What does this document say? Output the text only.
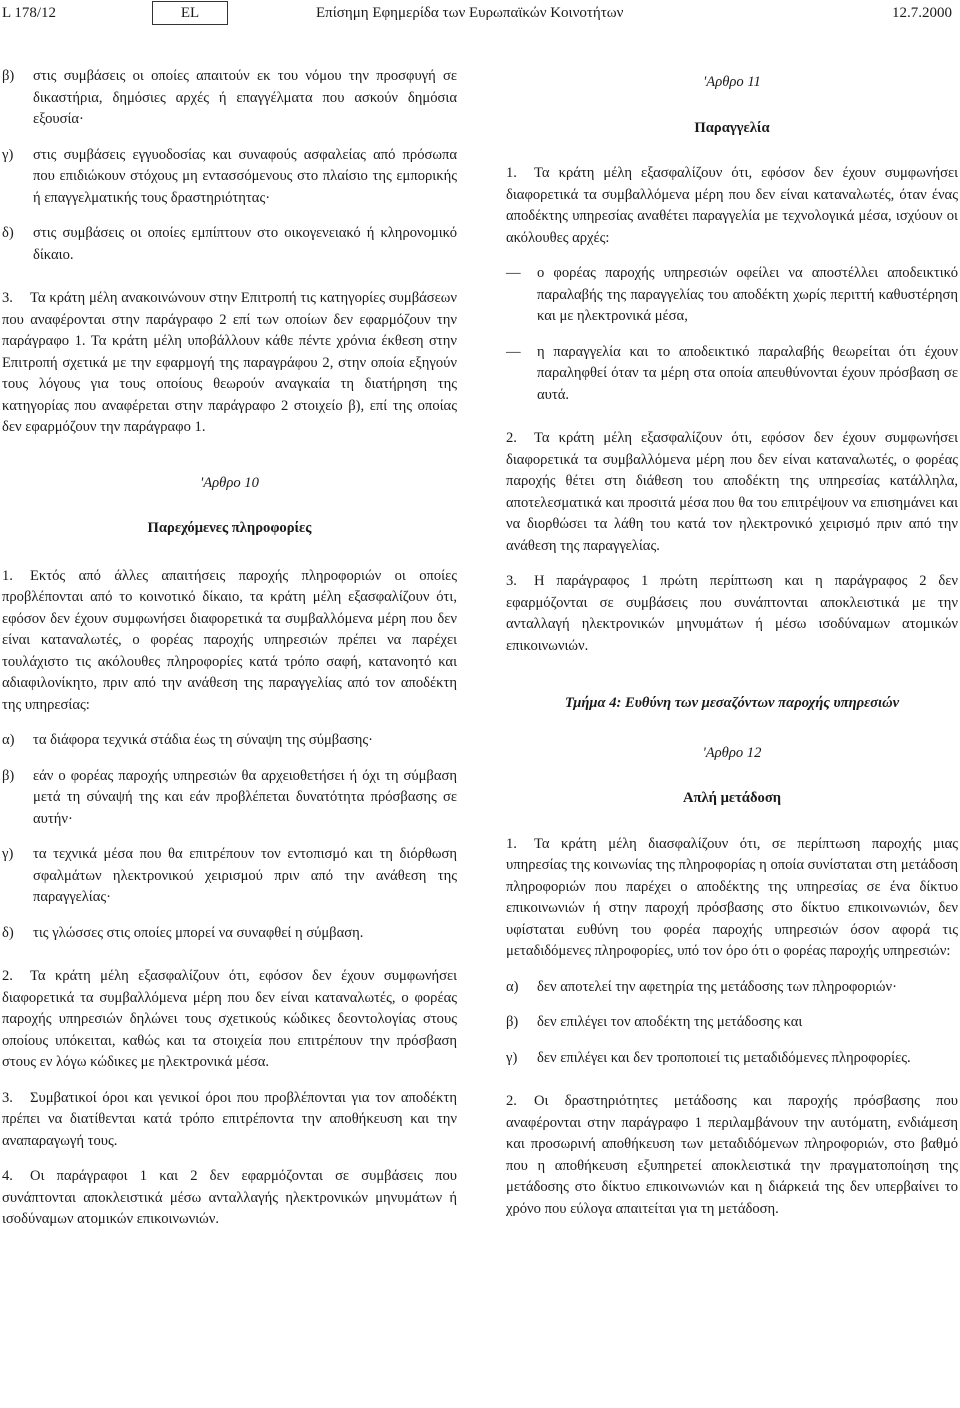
L 178/12	EL	Επίσημη Εφημερίδα των Ευρωπαϊκών Κοινοτήτων	12.7.2000
β) στις συμβάσεις οι οποίες απαιτούν εκ του νόμου την προσφυγή σε δικαστήρια, δημόσιες αρχές ή επαγγέλματα που ασκούν δημόσια εξουσία·
γ) στις συμβάσεις εγγυοδοσίας και συναφούς ασφαλείας από πρόσωπα που επιδιώκουν στόχους μη εντασσόμενους στο πλαίσιο της εμπορικής ή επαγγελματικής τους δραστηριότητας·
δ) στις συμβάσεις οι οποίες εμπίπτουν στο οικογενειακό ή κληρονομικό δίκαιο.

3. Τα κράτη μέλη ανακοινώνουν στην Επιτροπή τις κατηγορίες συμβάσεων που αναφέρονται στην παράγραφο 2 επί των οποίων δεν εφαρμόζουν την παράγραφο 1. Τα κράτη μέλη υποβάλλουν κάθε πέντε χρόνια έκθεση στην Επιτροπή σχετικά με την εφαρμογή της παραγράφου 2, στην οποία εξηγούν τους λόγους για τους οποίους θεωρούν αναγκαία τη διατήρηση της κατηγορίας που αναφέρεται στην παράγραφο 2 στοιχείο β), επί της οποίας δεν εφαρμόζουν την παράγραφο 1.

'Αρθρο 10
Παρεχόμενες πληροφορίες

1. Εκτός από άλλες απαιτήσεις παροχής πληροφοριών οι οποίες προβλέπονται από το κοινοτικό δίκαιο, τα κράτη μέλη εξασφαλίζουν ότι, εφόσον δεν έχουν συμφωνήσει διαφορετικά τα συμβαλλόμενα μέρη που δεν είναι καταναλωτές, ο φορέας παροχής υπηρεσιών πρέπει να παρέχει τουλάχιστο τις ακόλουθες πληροφορίες κατά τρόπο σαφή, κατανοητό και αδιαφιλονίκητο, πριν από την ανάθεση της παραγγελίας από τον αποδέκτη της υπηρεσίας:

α) τα διάφορα τεχνικά στάδια έως τη σύναψη της σύμβασης·
β) εάν ο φορέας παροχής υπηρεσιών θα αρχειοθετήσει ή όχι τη σύμβαση μετά τη σύναψή της και εάν προβλέπεται δυνατότητα πρόσβασης σε αυτήν·
γ) τα τεχνικά μέσα που θα επιτρέπουν τον εντοπισμό και τη διόρθωση σφαλμάτων ηλεκτρονικού χειρισμού πριν από την ανάθεση της παραγγελίας·
δ) τις γλώσσες στις οποίες μπορεί να συναφθεί η σύμβαση.

2. Τα κράτη μέλη εξασφαλίζουν ότι, εφόσον δεν έχουν συμφωνήσει διαφορετικά τα συμβαλλόμενα μέρη που δεν είναι καταναλωτές, ο φορέας παροχής υπηρεσιών δηλώνει τους σχετικούς κώδικες δεοντολογίας στους οποίους υπόκειται, καθώς και τα στοιχεία που επιτρέπουν την πρόσβαση στους εν λόγω κώδικες με ηλεκτρονικά μέσα.

3. Συμβατικοί όροι και γενικοί όροι που προβλέπονται για τον αποδέκτη πρέπει να διατίθενται κατά τρόπο επιτρέποντα την αποθήκευση και την αναπαραγωγή τους.

4. Οι παράγραφοι 1 και 2 δεν εφαρμόζονται σε συμβάσεις που συνάπτονται αποκλειστικά μέσω ανταλλαγής ηλεκτρονικών μηνυμάτων ή ισοδύναμων ατομικών επικοινωνιών.

'Αρθρο 11
Παραγγελία

1. Τα κράτη μέλη εξασφαλίζουν ότι, εφόσον δεν έχουν συμφωνήσει διαφορετικά τα συμβαλλόμενα μέρη που δεν είναι καταναλωτές, όταν ένας αποδέκτης υπηρεσίας αναθέτει παραγγελία με τεχνολογικά μέσα, ισχύουν οι ακόλουθες αρχές:

— ο φορέας παροχής υπηρεσιών οφείλει να αποστέλλει αποδεικτικό παραλαβής της παραγγελίας του αποδέκτη χωρίς περιττή καθυστέρηση και με ηλεκτρονικά μέσα,
— η παραγγελία και το αποδεικτικό παραλαβής θεωρείται ότι έχουν παραληφθεί όταν τα μέρη στα οποία απευθύνονται έχουν πρόσβαση σε αυτά.

2. Τα κράτη μέλη εξασφαλίζουν ότι, εφόσον δεν έχουν συμφωνήσει διαφορετικά τα συμβαλλόμενα μέρη που δεν είναι καταναλωτές, ο φορέας παροχής θέτει στη διάθεση του αποδέκτη της υπηρεσίας κατάλληλα, αποτελεσματικά και προσιτά μέσα που θα του επιτρέψουν να επισημάνει και να διορθώσει τα λάθη του κατά τον ηλεκτρονικό χειρισμό πριν από την ανάθεση της παραγγελίας.

3. Η παράγραφος 1 πρώτη περίπτωση και η παράγραφος 2 δεν εφαρμόζονται σε συμβάσεις που συνάπτονται αποκλειστικά με την ανταλλαγή ηλεκτρονικών μηνυμάτων ή μέσω ισοδύναμων ατομικών επικοινωνιών.

Τμήμα 4: Ευθύνη των μεσαζόντων παροχής υπηρεσιών
'Αρθρο 12
Απλή μετάδοση

1. Τα κράτη μέλη διασφαλίζουν ότι, σε περίπτωση παροχής μιας υπηρεσίας της κοινωνίας της πληροφορίας η οποία συνίσταται στη μετάδοση πληροφοριών που παρέχει ο αποδέκτης της υπηρεσίας σε ένα δίκτυο επικοινωνιών ή στην παροχή πρόσβασης στο δίκτυο επικοινωνιών, δεν υφίσταται ευθύνη του φορέα παροχής υπηρεσιών όσον αφορά τις μεταδιδόμενες πληροφορίες, υπό τον όρο ότι ο φορέας παροχής υπηρεσιών:

α) δεν αποτελεί την αφετηρία της μετάδοσης των πληροφοριών·
β) δεν επιλέγει τον αποδέκτη της μετάδοσης και
γ) δεν επιλέγει και δεν τροποποιεί τις μεταδιδόμενες πληροφορίες.

2. Οι δραστηριότητες μετάδοσης και παροχής πρόσβασης που αναφέρονται στην παράγραφο 1 περιλαμβάνουν την αυτόματη, ενδιάμεση και προσωρινή αποθήκευση των μεταδιδόμενων πληροφοριών, στο βαθμό που η αποθήκευση εξυπηρετεί αποκλειστικά την πραγματοποίηση της μετάδοσης στο δίκτυο επικοινωνιών και η διάρκειά της δεν υπερβαίνει το χρόνο που εύλογα απαιτείται για τη μετάδοση.
